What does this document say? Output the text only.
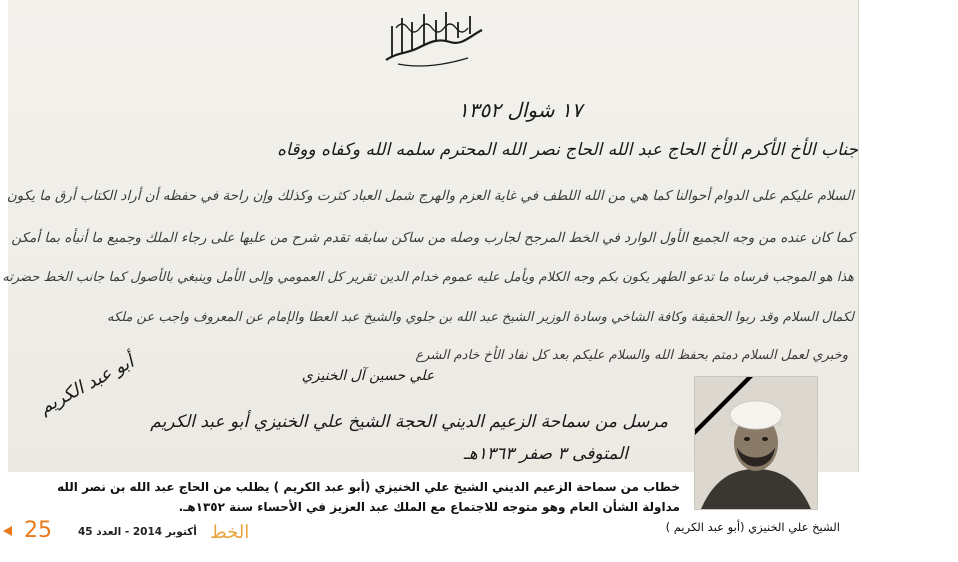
١٧ شوال ١٣٥٢
جناب الأخ الأكرم الأخ الحاج عبد الله الحاج نصر الله المحترم سلمه الله وكفاه ووقاه
السلام عليكم على الدوام أحوالنا كما هي من الله اللطف في غاية العزم والهرج شمل العباد كثرت وكذلك وإن راحة في حفظه أن أراد الكتاب أرق ما يكون
كما كان عنده من وجه الجميع الأول الوارد في الخط المرجح لجارب وصله من ساكن سابقه تقدم شرح من عليها على رجاء الملك وجميع ما أنبأه بما أمكن
هذا هو الموجب فرساه ما تدعو الطهر يكون بكم وجه الكلام ويأمل عليه عموم خدام الدين تقرير كل العمومي وإلى الأمل وينبغي بالأصول كما جانب الخط حضرته
لكمال السلام وقد ربوا الحقيقة وكافة الشاخي وسادة الوزير الشيخ عبد الله بن جلوي والشيخ عبد العطا والإمام عن المعروف واجب عن ملكه
وخبري لعمل السلام دمتم بحفظ الله والسلام عليكم بعد كل نفاد الأخ خادم الشرع
علي حسين آل الخنيزي
أبو عبد الكريم
مرسل من سماحة الزعيم الديني الحجة الشيخ علي الخنيزي أبو عبد الكريم
المتوفى ٣ صفر ١٣٦٣هـ
خطاب من سماحة الزعيم الديني الشيخ علي الخنيزي (أبو عبد الكريم ) يطلب من الحاج عبد الله بن نصر الله
مداولة الشأن العام وهو متوجه للاجتماع مع الملك عبد العزيز في الأحساء سنة ١٣٥٢هـ.
الشيخ علي الخنيزي (أبو عبد الكريم )
25 أكتوبر 2014 - العدد 45 الخط
